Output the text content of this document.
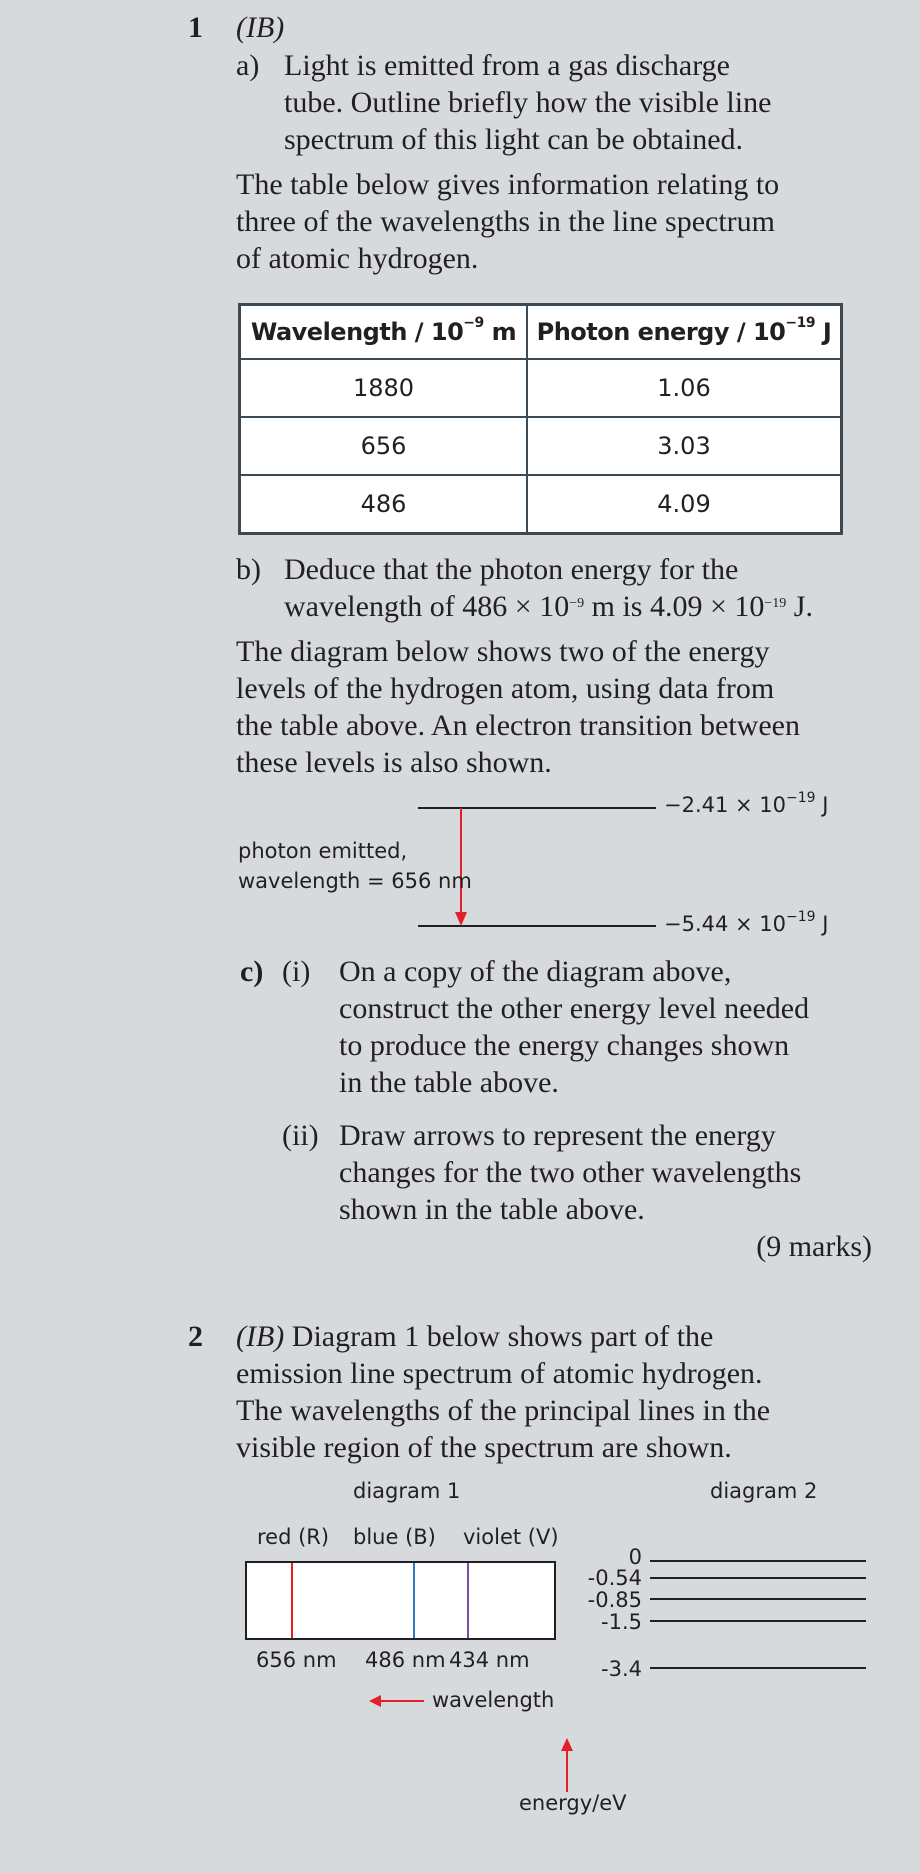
1 (IB)
a) Light is emitted from a gas discharge
tube. Outline briefly how the visible line
spectrum of this light can be obtained.
The table below gives information relating to
three of the wavelengths in the line spectrum
of atomic hydrogen.
Wavelength / $10^{-9}$ m	Photon energy / $10^{-19}$ J
1880	1.06
656	3.03
486	4.09
b) Deduce that the photon energy for the
wavelength of $486 \times 10^{-9}$ m is $4.09 \times 10^{-19}$ J.
The diagram below shows two of the energy
levels of the hydrogen atom, using data from
the table above. An electron transition between
these levels is also shown.
$-2.41 \times 10^{-19}$ J
$-5.44 \times 10^{-19}$ J
photon emitted,
wavelength = 656 nm
c) (i) On a copy of the diagram above,
construct the other energy level needed
to produce the energy changes shown
in the table above.
(ii) Draw arrows to represent the energy
changes for the two other wavelengths
shown in the table above.
(9 marks)
2 (IB) Diagram 1 below shows part of the
emission line spectrum of atomic hydrogen.
The wavelengths of the principal lines in the
visible region of the spectrum are shown.
diagram 1
red (R) blue (B) violet (V)
656 nm 486 nm 434 nm
wavelength
diagram 2
0
-0.54
-0.85
-1.5
-3.4
energy/eV
